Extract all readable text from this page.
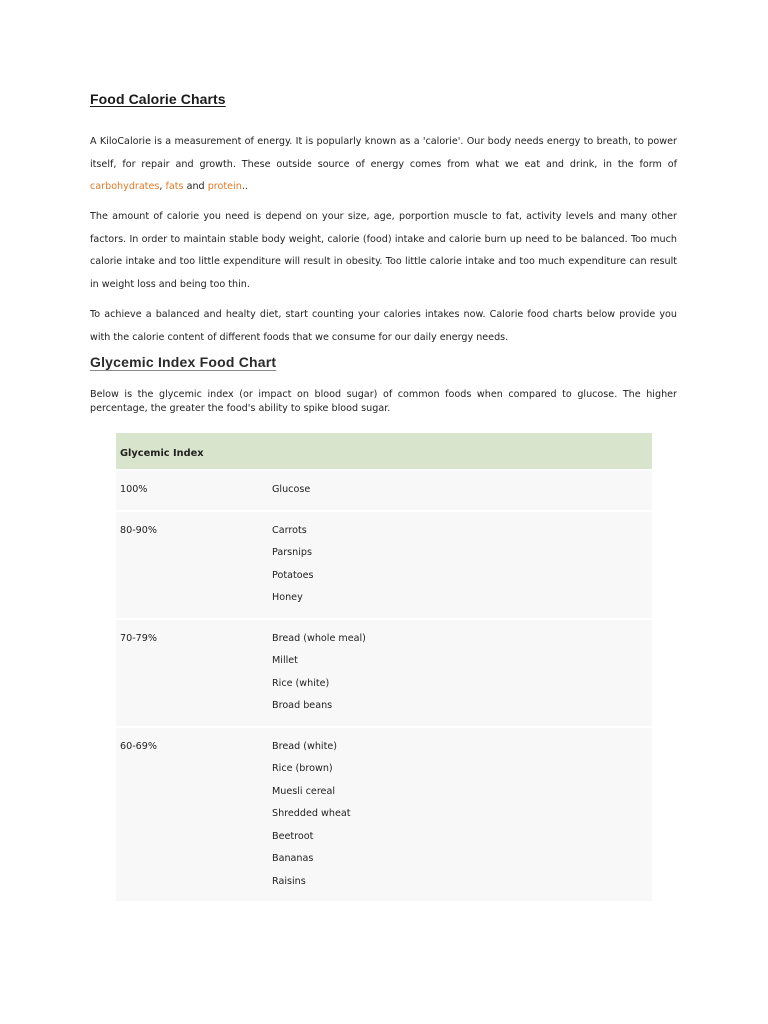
Food Calorie Charts

A KiloCalorie is a measurement of energy. It is popularly known as a 'calorie'. Our body needs energy to breath, to power itself, for repair and growth. These outside source of energy comes from what we eat and drink, in the form of carbohydrates, fats and protein..

The amount of calorie you need is depend on your size, age, porportion muscle to fat, activity levels and many other factors. In order to maintain stable body weight, calorie (food) intake and calorie burn up need to be balanced. Too much calorie intake and too little expenditure will result in obesity. Too little calorie intake and too much expenditure can result in weight loss and being too thin.

To achieve a balanced and healty diet, start counting your calories intakes now. Calorie food charts below provide you with the calorie content of different foods that we consume for our daily energy needs.

Glycemic Index Food Chart

Below is the glycemic index (or impact on blood sugar) of common foods when compared to glucose. The higher percentage, the greater the food's ability to spike blood sugar.

Glycemic Index	
100%	Glucose

80-90%	Carrots
Parsnips
Potatoes
Honey

70-79%	Bread (whole meal)
Millet
Rice (white)
Broad beans

60-69%	Bread (white)
Rice (brown)
Muesli cereal
Shredded wheat
Beetroot
Bananas
Raisins
